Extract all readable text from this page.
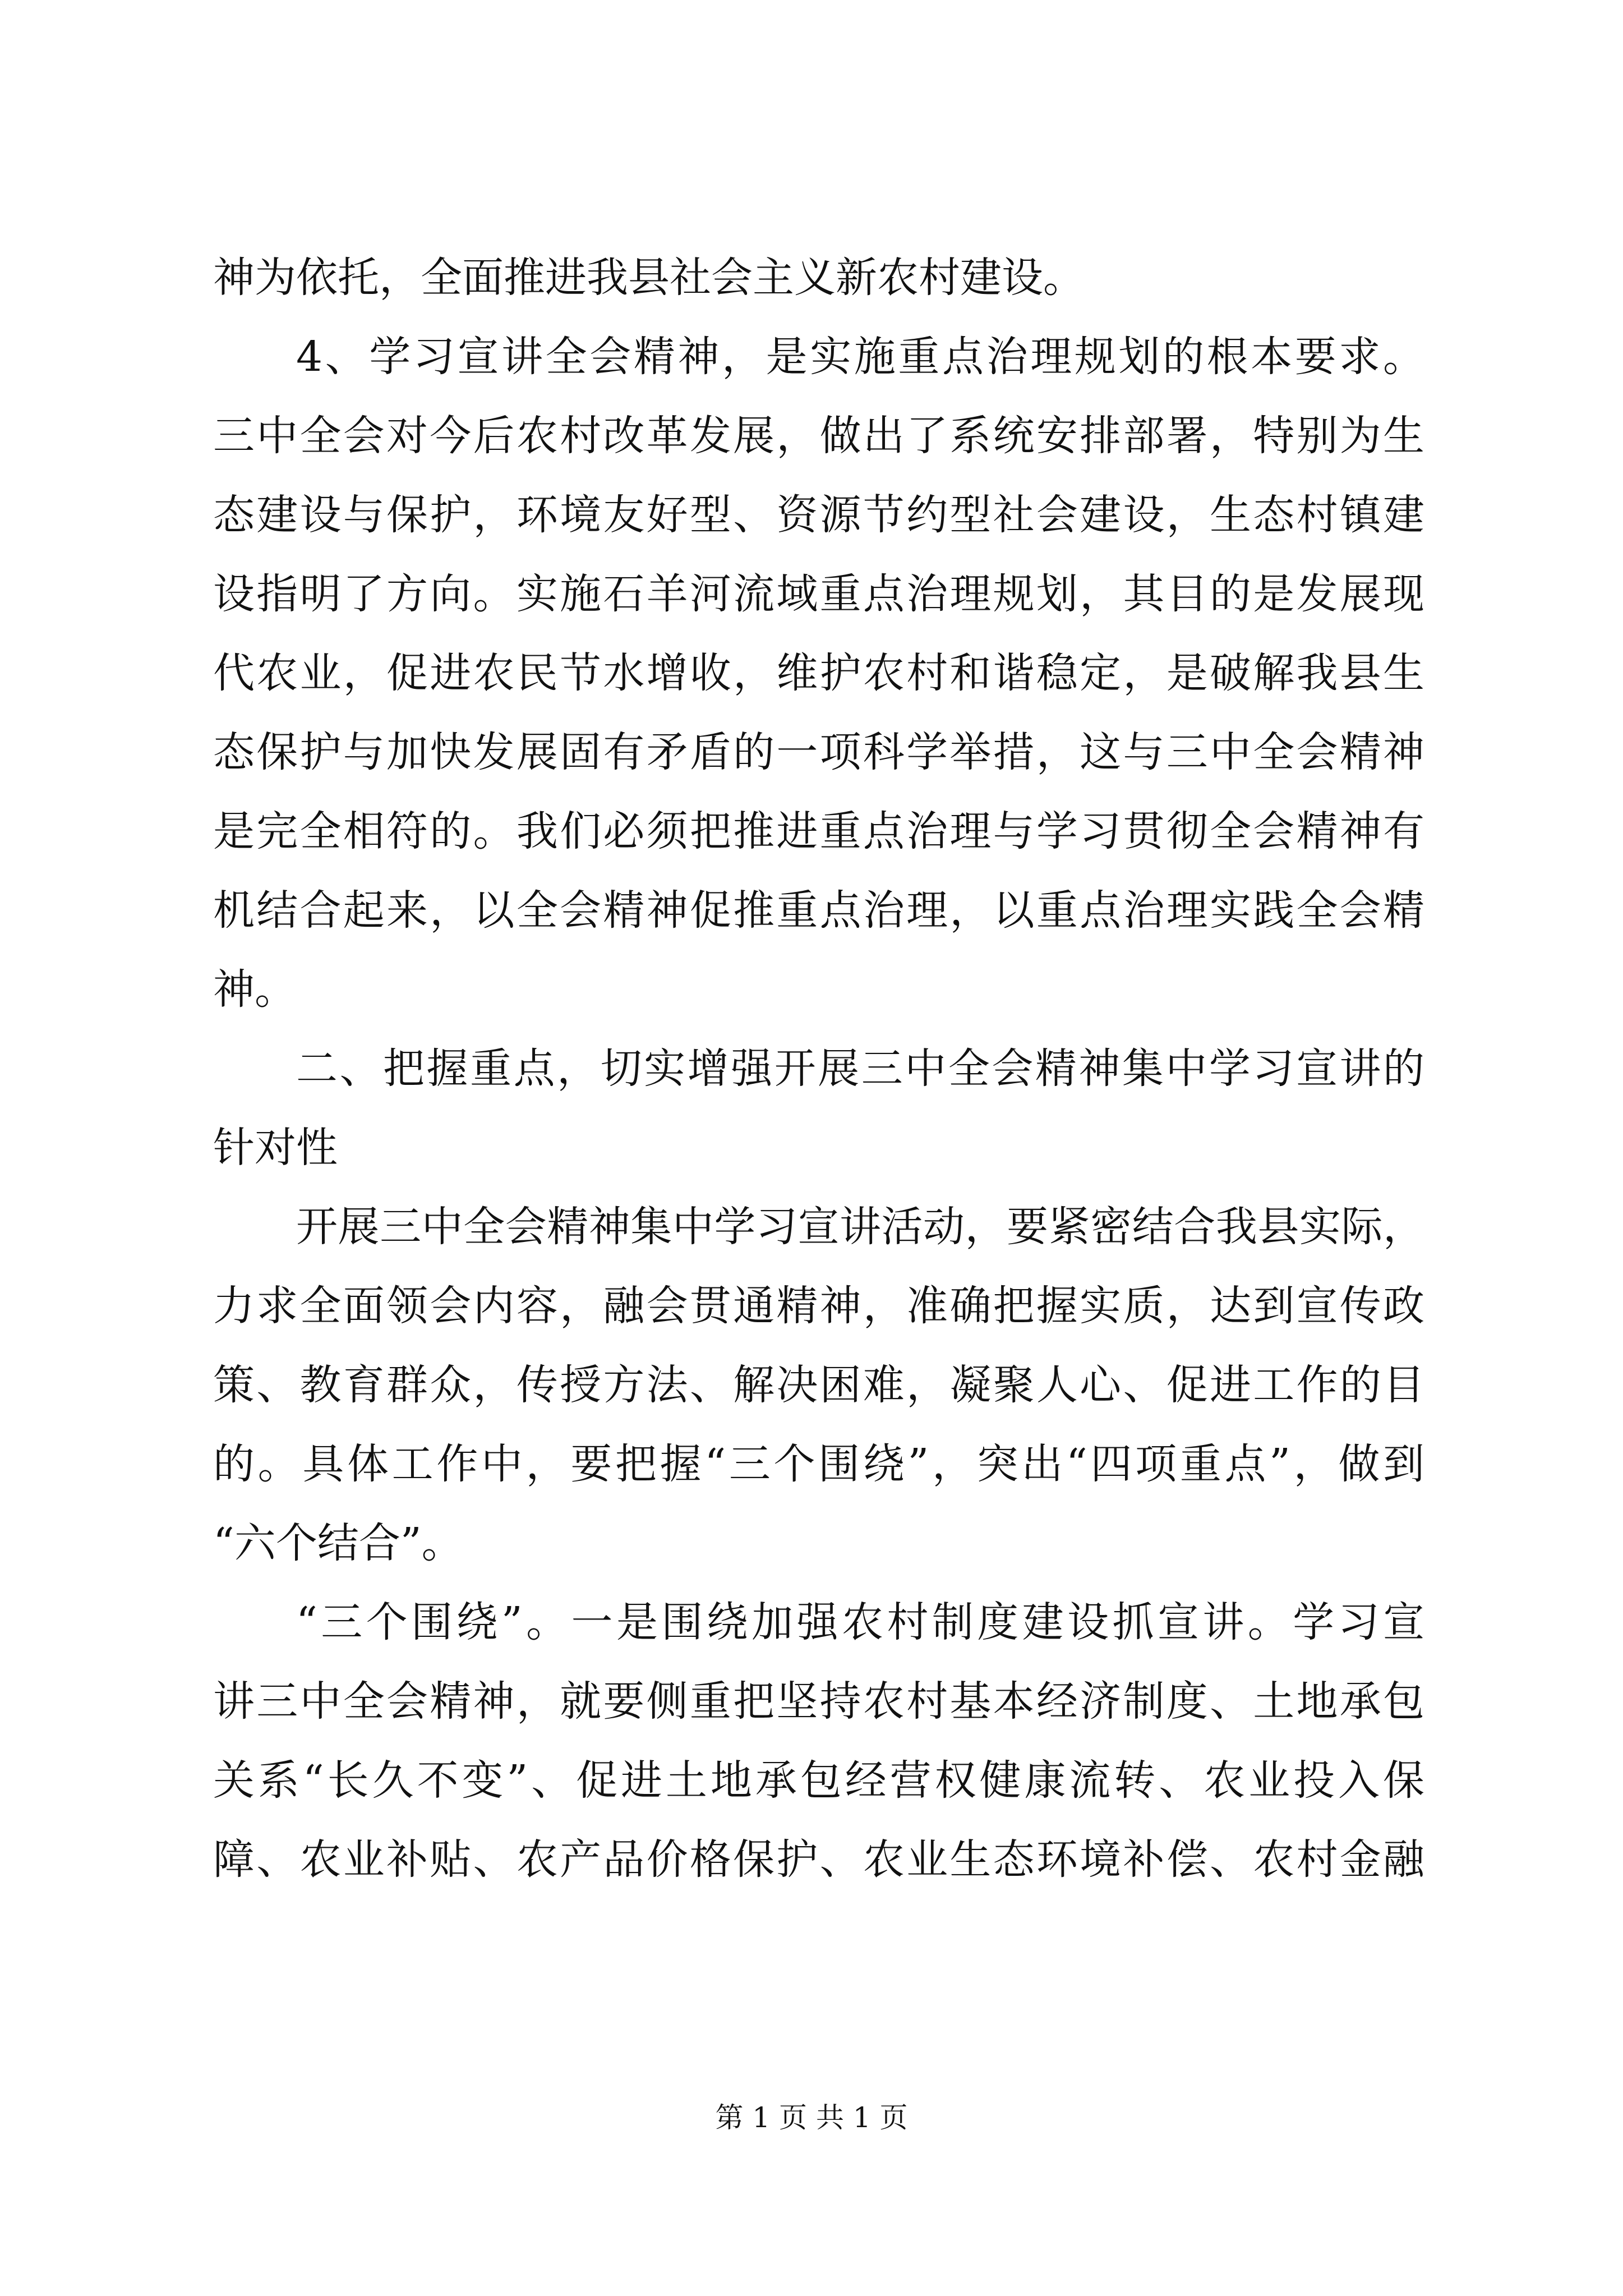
神为依托，全面推进我县社会主义新农村建设。
4、学习宣讲全会精神，是实施重点治理规划的根本要求。
三中全会对今后农村改革发展，做出了系统安排部署，特别为生
态建设与保护，环境友好型、资源节约型社会建设，生态村镇建
设指明了方向。实施石羊河流域重点治理规划，其目的是发展现
代农业，促进农民节水增收，维护农村和谐稳定，是破解我县生
态保护与加快发展固有矛盾的一项科学举措，这与三中全会精神
是完全相符的。我们必须把推进重点治理与学习贯彻全会精神有
机结合起来，以全会精神促推重点治理，以重点治理实践全会精
神。
二、把握重点，切实增强开展三中全会精神集中学习宣讲的
针对性
开展三中全会精神集中学习宣讲活动，要紧密结合我县实际，
力求全面领会内容，融会贯通精神，准确把握实质，达到宣传政
策、教育群众，传授方法、解决困难，凝聚人心、促进工作的目
的。具体工作中，要把握“三个围绕”，突出“四项重点”，做到
“六个结合”。
“三个围绕”。一是围绕加强农村制度建设抓宣讲。学习宣
讲三中全会精神，就要侧重把坚持农村基本经济制度、土地承包
关系“长久不变”、促进土地承包经营权健康流转、农业投入保
障、农业补贴、农产品价格保护、农业生态环境补偿、农村金融
第 1 页 共 1 页
